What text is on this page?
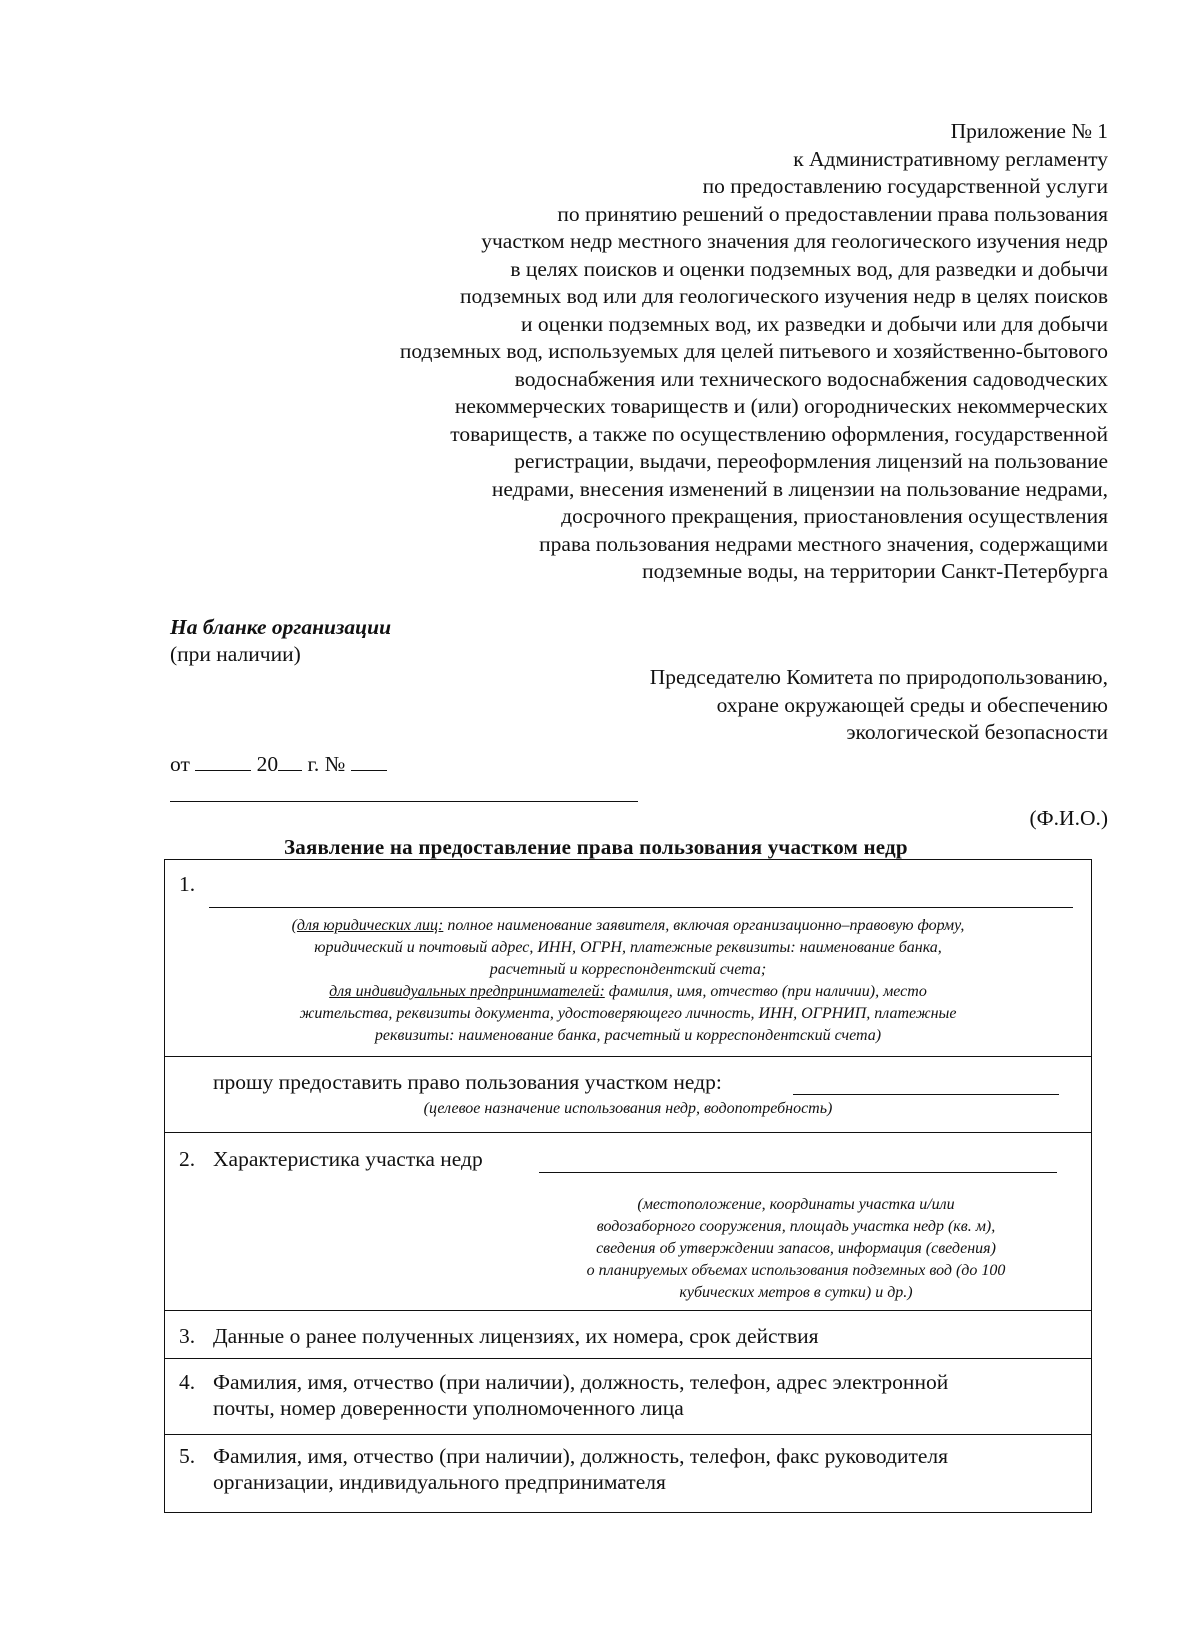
Приложение № 1
к Административному регламенту
по предоставлению государственной услуги
по принятию решений о предоставлении права пользования
участком недр местного значения для геологического изучения недр
в целях поисков и оценки подземных вод, для разведки и добычи
подземных вод или для геологического изучения недр в целях поисков
и оценки подземных вод, их разведки и добычи или для добычи
подземных вод, используемых для целей питьевого и хозяйственно-бытового
водоснабжения или технического водоснабжения садоводческих
некоммерческих товариществ и (или) огороднических некоммерческих
товариществ, а также по осуществлению оформления, государственной
регистрации, выдачи, переоформления лицензий на пользование
недрами, внесения изменений в лицензии на пользование недрами,
досрочного прекращения, приостановления осуществления
права пользования недрами местного значения, содержащими
подземные воды, на территории Санкт-Петербурга
На бланке организации
(при наличии)
Председателю Комитета по природопользованию,
охране окружающей среды и обеспечению
экологической безопасности
от	20 г. №
(Ф.И.О.)
Заявление на предоставление права пользования участком недр
1.
(для юридических лиц: полное наименование заявителя, включая организационно–правовую форму,
юридический и почтовый адрес, ИНН, ОГРН, платежные реквизиты: наименование банка,
расчетный и корреспондентский счета;
для индивидуальных предпринимателей: фамилия, имя, отчество (при наличии), место
жительства, реквизиты документа, удостоверяющего личность, ИНН, ОГРНИП, платежные
реквизиты: наименование банка, расчетный и корреспондентский счета)
прошу предоставить право пользования участком недр:
(целевое назначение использования недр, водопотребность)
2. Характеристика участка недр
(местоположение, координаты участка и/или
водозаборного сооружения, площадь участка недр (кв. м),
сведения об утверждении запасов, информация (сведения)
о планируемых объемах использования подземных вод (до 100
кубических метров в сутки) и др.)
3. Данные о ранее полученных лицензиях, их номера, срок действия
4. Фамилия, имя, отчество (при наличии), должность, телефон, адрес электронной
почты, номер доверенности уполномоченного лица
5. Фамилия, имя, отчество (при наличии), должность, телефон, факс руководителя
организации, индивидуального предпринимателя
